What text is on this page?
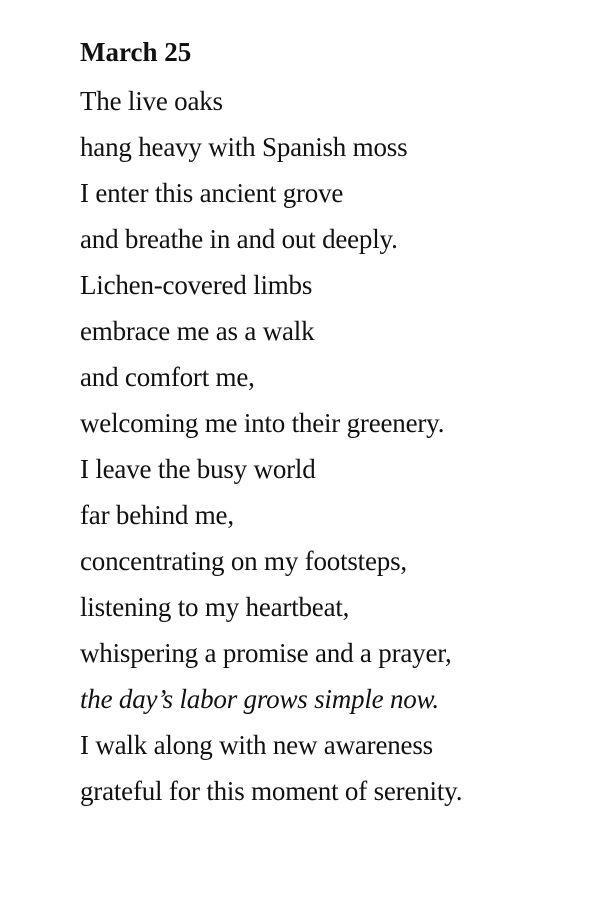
March 25
The live oaks
hang heavy with Spanish moss
I enter this ancient grove
and breathe in and out deeply.
Lichen-covered limbs
embrace me as a walk
and comfort me,
welcoming me into their greenery.
I leave the busy world
far behind me,
concentrating on my footsteps,
listening to my heartbeat,
whispering a promise and a prayer,
the day’s labor grows simple now.
I walk along with new awareness
grateful for this moment of serenity.
